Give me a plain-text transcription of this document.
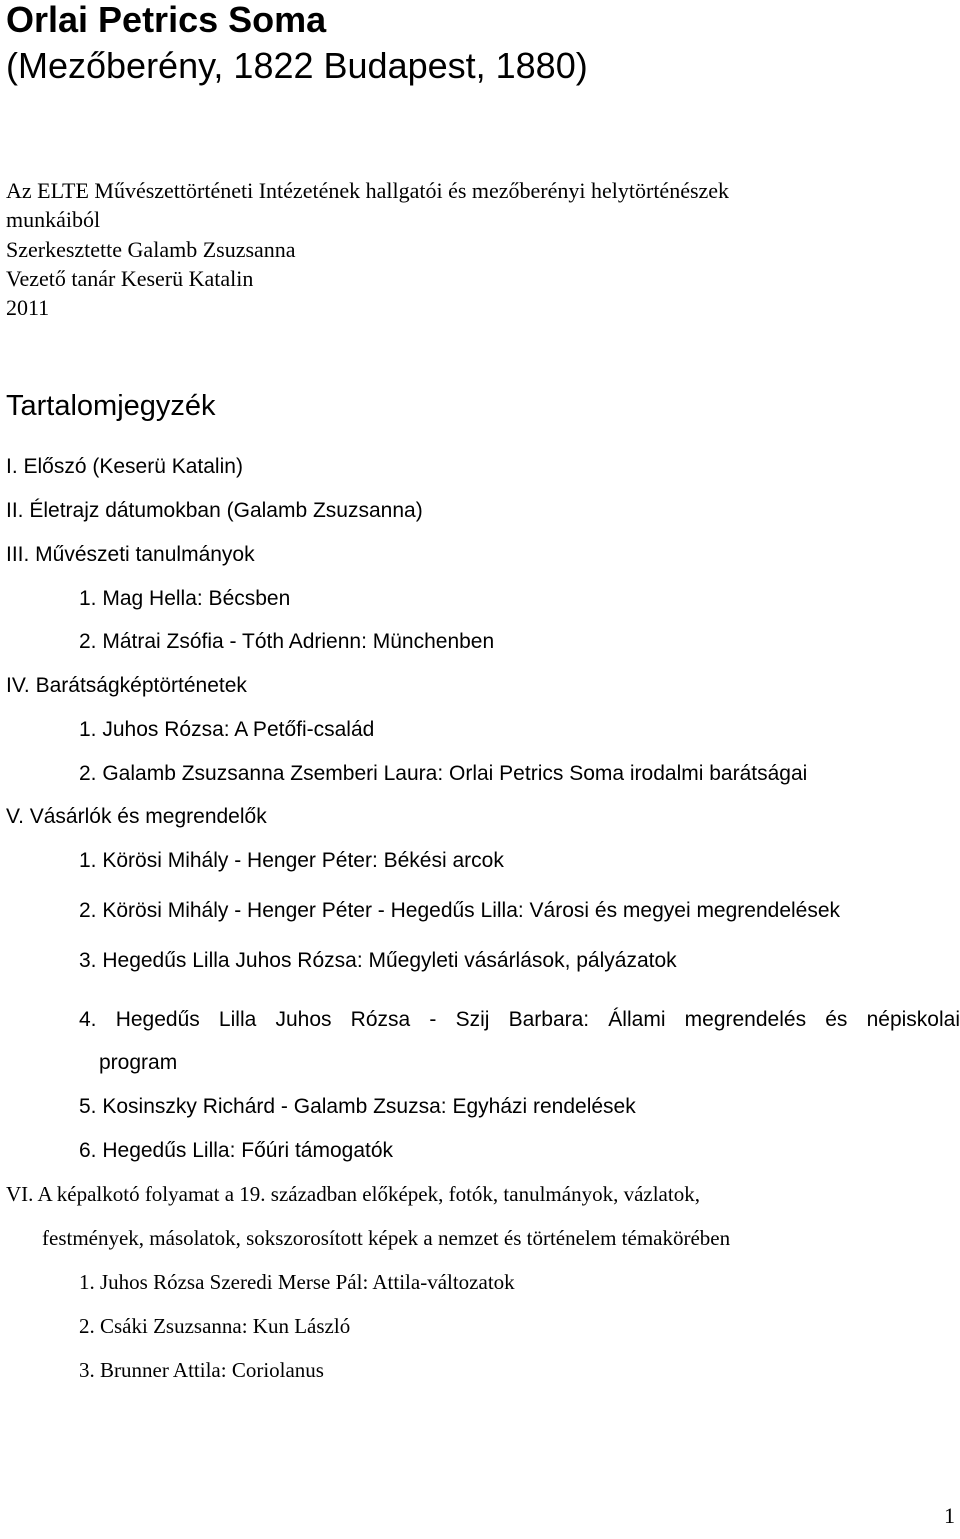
Orlai Petrics Soma
(Mezőberény, 1822 Budapest, 1880)
Az ELTE Művészettörténeti Intézetének hallgatói és mezőberényi helytörténészek
munkáiból
Szerkesztette Galamb Zsuzsanna
Vezető tanár Keserü Katalin
2011
Tartalomjegyzék
I. Előszó (Keserü Katalin)
II. Életrajz dátumokban (Galamb Zsuzsanna)
III. Művészeti tanulmányok
1. Mag Hella: Bécsben
2. Mátrai Zsófia - Tóth Adrienn: Münchenben
IV. Barátságképtörténetek
1. Juhos Rózsa: A Petőfi-család
2. Galamb Zsuzsanna Zsemberi Laura: Orlai Petrics Soma irodalmi barátságai
V. Vásárlók és megrendelők
1. Körösi Mihály - Henger Péter: Békési arcok
2. Körösi Mihály - Henger Péter - Hegedűs Lilla: Városi és megyei megrendelések
3. Hegedűs Lilla Juhos Rózsa: Műegyleti vásárlások, pályázatok
4. Hegedűs Lilla Juhos Rózsa - Szij Barbara: Állami megrendelés és népiskolai
program
5. Kosinszky Richárd - Galamb Zsuzsa: Egyházi rendelések
6. Hegedűs Lilla: Főúri támogatók
VI. A képalkotó folyamat a 19. században előképek, fotók, tanulmányok, vázlatok,
festmények, másolatok, sokszorosított képek a nemzet és történelem témakörében
1. Juhos Rózsa Szeredi Merse Pál: Attila-változatok
2. Csáki Zsuzsanna: Kun László
3. Brunner Attila: Coriolanus
1
